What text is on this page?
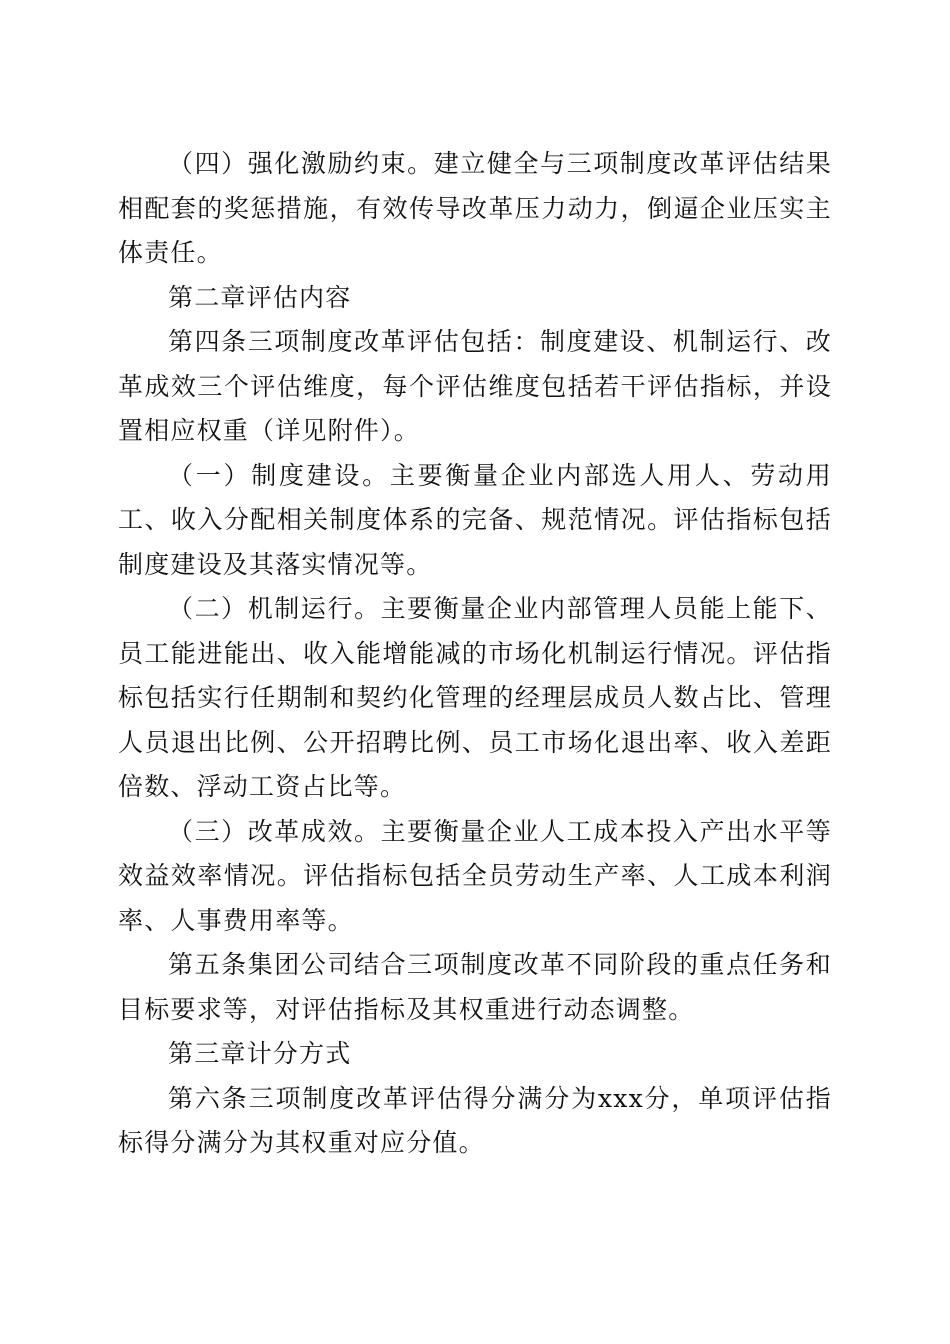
（四）强化激励约束。建立健全与三项制度改革评估结果相配套的奖惩措施，有效传导改革压力动力，倒逼企业压实主体责任。

第二章评估内容

第四条三项制度改革评估包括：制度建设、机制运行、改革成效三个评估维度，每个评估维度包括若干评估指标，并设置相应权重（详见附件）。

（一）制度建设。主要衡量企业内部选人用人、劳动用工、收入分配相关制度体系的完备、规范情况。评估指标包括制度建设及其落实情况等。

（二）机制运行。主要衡量企业内部管理人员能上能下、员工能进能出、收入能增能减的市场化机制运行情况。评估指标包括实行任期制和契约化管理的经理层成员人数占比、管理人员退出比例、公开招聘比例、员工市场化退出率、收入差距倍数、浮动工资占比等。

（三）改革成效。主要衡量企业人工成本投入产出水平等效益效率情况。评估指标包括全员劳动生产率、人工成本利润率、人事费用率等。

第五条集团公司结合三项制度改革不同阶段的重点任务和目标要求等，对评估指标及其权重进行动态调整。

第三章计分方式

第六条三项制度改革评估得分满分为xxx分，单项评估指标得分满分为其权重对应分值。
